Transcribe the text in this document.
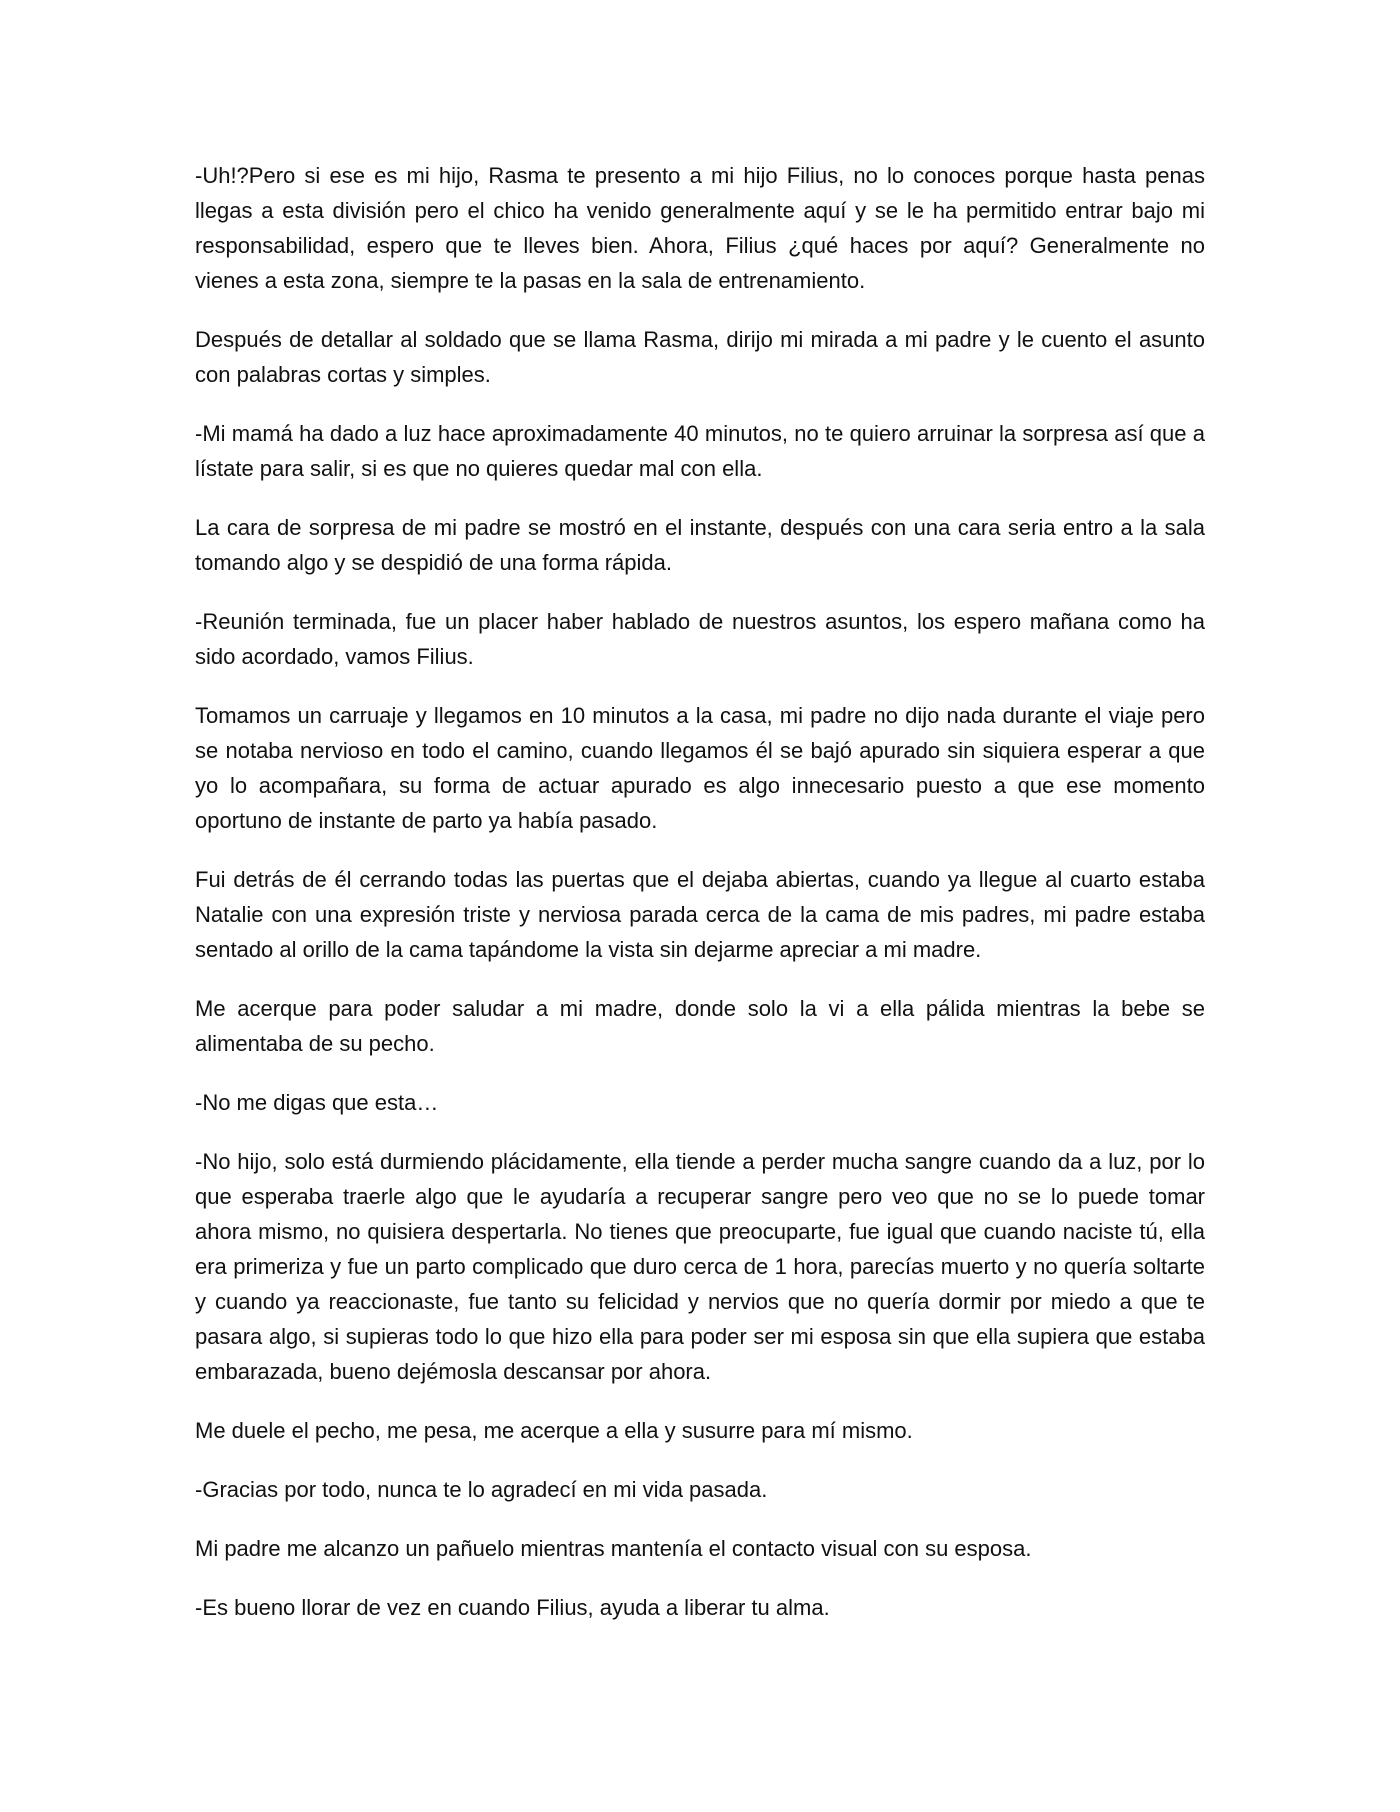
-Uh!?Pero si ese es mi hijo, Rasma te presento a mi hijo Filius, no lo conoces porque hasta penas llegas a esta división pero el chico ha venido generalmente aquí y se le ha permitido entrar bajo mi responsabilidad, espero que te lleves bien. Ahora, Filius ¿qué haces por aquí? Generalmente no vienes a esta zona, siempre te la pasas en la sala de entrenamiento.

Después de detallar al soldado que se llama Rasma, dirijo mi mirada a mi padre y le cuento el asunto con palabras cortas y simples.

-Mi mamá ha dado a luz hace aproximadamente 40 minutos, no te quiero arruinar la sorpresa así que a lístate para salir, si es que no quieres quedar mal con ella.

La cara de sorpresa de mi padre se mostró en el instante, después con una cara seria entro a la sala tomando algo y se despidió de una forma rápida.

-Reunión terminada, fue un placer haber hablado de nuestros asuntos, los espero mañana como ha sido acordado, vamos Filius.

Tomamos un carruaje y llegamos en 10 minutos a la casa, mi padre no dijo nada durante el viaje pero se notaba nervioso en todo el camino, cuando llegamos él se bajó apurado sin siquiera esperar a que yo lo acompañara, su forma de actuar apurado es algo innecesario puesto a que ese momento oportuno de instante de parto ya había pasado.

Fui detrás de él cerrando todas las puertas que el dejaba abiertas, cuando ya llegue al cuarto estaba Natalie con una expresión triste y nerviosa parada cerca de la cama de mis padres, mi padre estaba sentado al orillo de la cama tapándome la vista sin dejarme apreciar a mi madre.

Me acerque para poder saludar a mi madre, donde solo la vi a ella pálida mientras la bebe se alimentaba de su pecho.

-No me digas que esta…

-No hijo, solo está durmiendo plácidamente, ella tiende a perder mucha sangre cuando da a luz, por lo que esperaba traerle algo que le ayudaría a recuperar sangre pero veo que no se lo puede tomar ahora mismo, no quisiera despertarla. No tienes que preocuparte, fue igual que cuando naciste tú, ella era primeriza y fue un parto complicado que duro cerca de 1 hora, parecías muerto y no quería soltarte y cuando ya reaccionaste, fue tanto su felicidad y nervios que no quería dormir por miedo a que te pasara algo, si supieras todo lo que hizo ella para poder ser mi esposa sin que ella supiera que estaba embarazada, bueno dejémosla descansar por ahora.

Me duele el pecho, me pesa, me acerque a ella y susurre para mí mismo.

-Gracias por todo, nunca te lo agradecí en mi vida pasada.

Mi padre me alcanzo un pañuelo mientras mantenía el contacto visual con su esposa.

-Es bueno llorar de vez en cuando Filius, ayuda a liberar tu alma.
